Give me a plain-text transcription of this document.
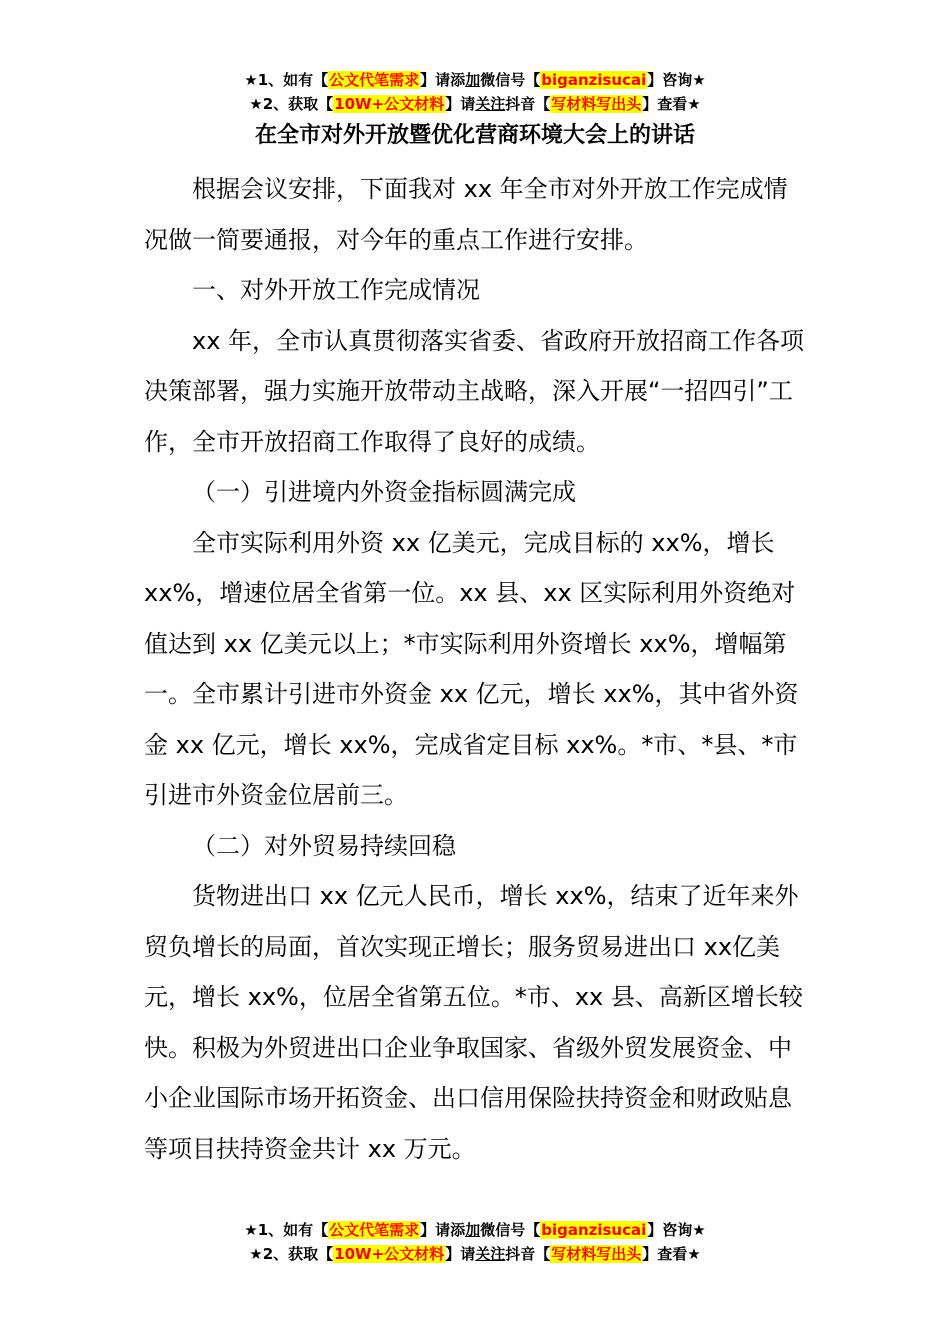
★1、如有【公文代笔需求】请添加微信号【biganzisucai】咨询★
★2、获取【10W+公文材料】请关注抖音【写材料写出头】查看★
在全市对外开放暨优化营商环境大会上的讲话

根据会议安排，下面我对 xx 年全市对外开放工作完成情况做一简要通报，对今年的重点工作进行安排。

一、对外开放工作完成情况

xx 年，全市认真贯彻落实省委、省政府开放招商工作各项决策部署，强力实施开放带动主战略，深入开展“一招四引”工作，全市开放招商工作取得了良好的成绩。

（一）引进境内外资金指标圆满完成

全市实际利用外资 xx 亿美元，完成目标的 xx%，增长xx%，增速位居全省第一位。xx 县、xx 区实际利用外资绝对值达到 xx 亿美元以上；*市实际利用外资增长 xx%，增幅第一。全市累计引进市外资金 xx 亿元，增长 xx%，其中省外资金 xx 亿元，增长 xx%，完成省定目标 xx%。*市、*县、*市引进市外资金位居前三。

（二）对外贸易持续回稳

货物进出口 xx 亿元人民币，增长 xx%，结束了近年来外贸负增长的局面，首次实现正增长；服务贸易进出口 xx亿美元，增长 xx%，位居全省第五位。*市、xx 县、高新区增长较快。积极为外贸进出口企业争取国家、省级外贸发展资金、中小企业国际市场开拓资金、出口信用保险扶持资金和财政贴息等项目扶持资金共计 xx 万元。

★1、如有【公文代笔需求】请添加微信号【biganzisucai】咨询★
★2、获取【10W+公文材料】请关注抖音【写材料写出头】查看★
